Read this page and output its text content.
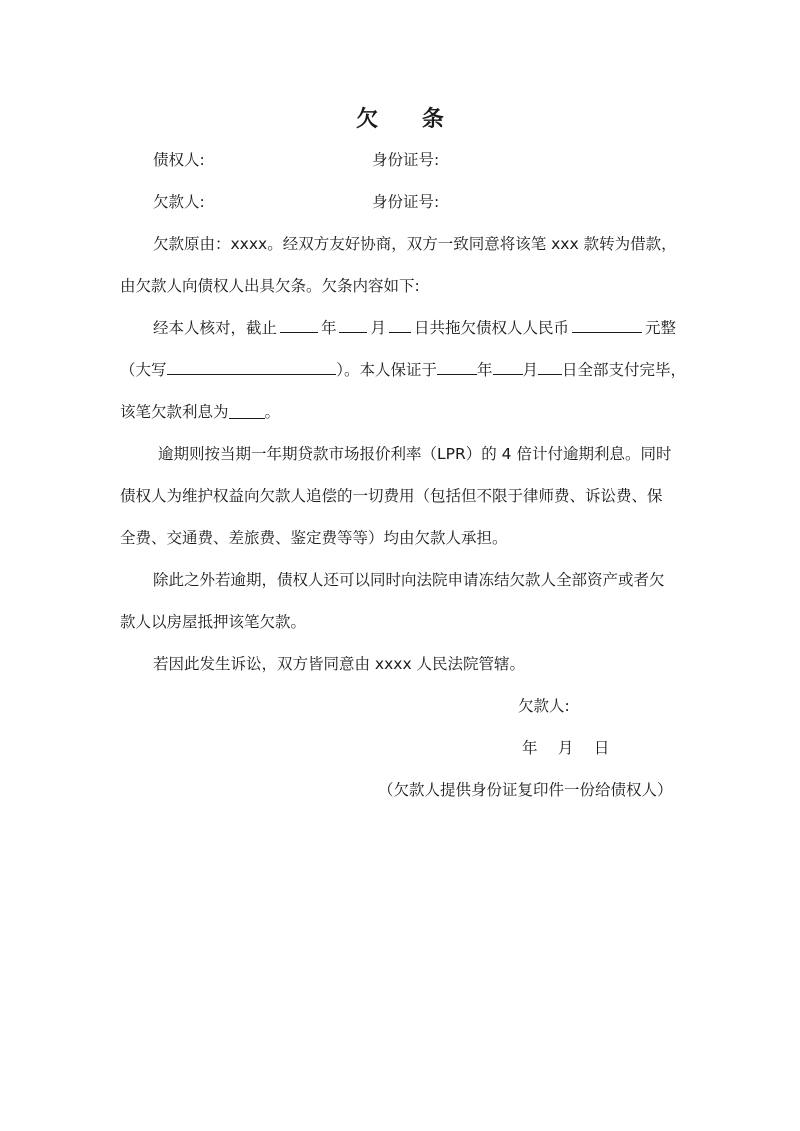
欠 条
债权人:	身份证号:
欠款人:	身份证号:
欠款原由：xxxx。经双方友好协商，双方一致同意将该笔 xxx 款转为借款，
由欠款人向债权人出具欠条。欠条内容如下:
经本人核对，截止	年 月 日共拖欠债权人人民币	元整
（大写	）。本人保证于	年 月 日全部支付完毕，
该笔欠款利息为 。
逾期则按当期一年期贷款市场报价利率（LPR）的 4 倍计付逾期利息。同时
债权人为维护权益向欠款人追偿的一切费用（包括但不限于律师费、诉讼费、保
全费、交通费、差旅费、鉴定费等等）均由欠款人承担。
除此之外若逾期，债权人还可以同时向法院申请冻结欠款人全部资产或者欠
款人以房屋抵押该笔欠款。
若因此发生诉讼，双方皆同意由 xxxx 人民法院管辖。
欠款人:
年　 月　 日
（欠款人提供身份证复印件一份给债权人）
